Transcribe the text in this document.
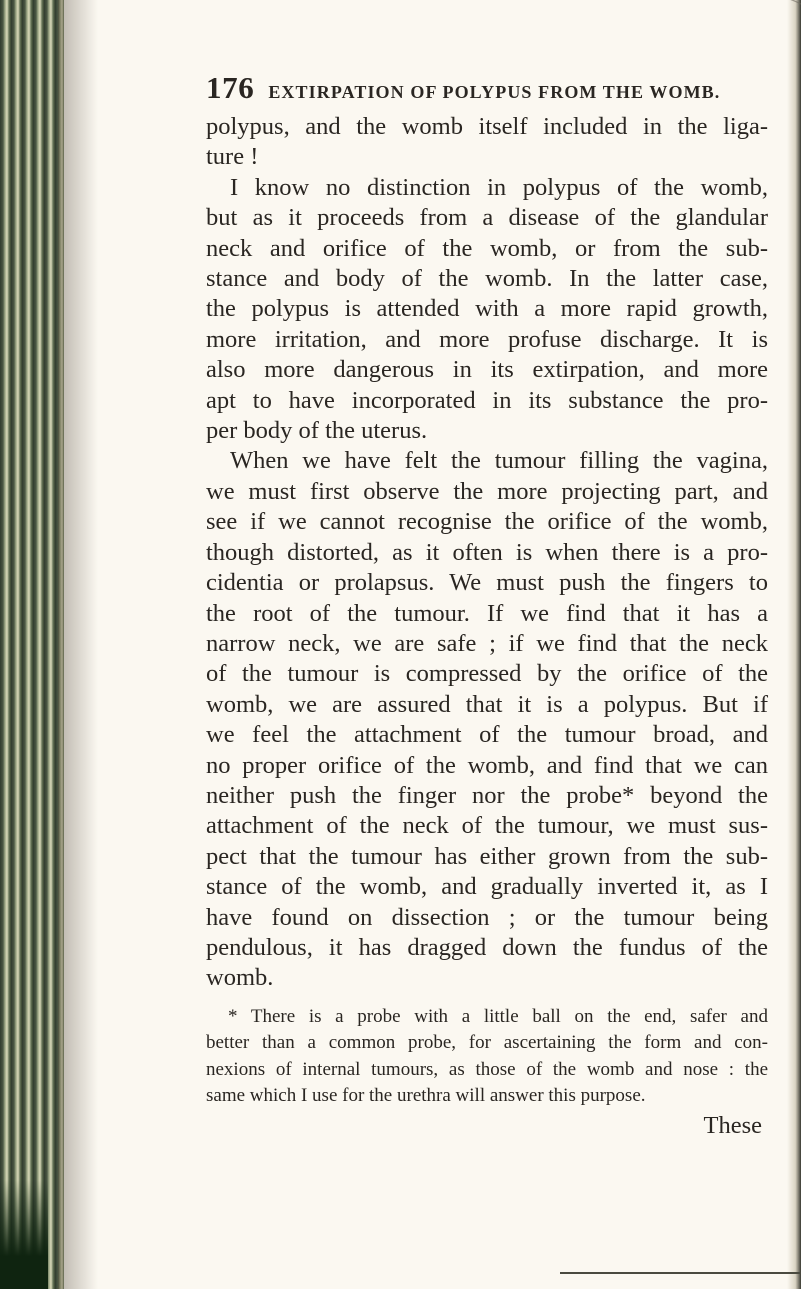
176 EXTIRPATION OF POLYPUS FROM THE WOMB.
polypus, and the womb itself included in the liga-
ture !
I know no distinction in polypus of the womb,
but as it proceeds from a disease of the glandular
neck and orifice of the womb, or from the sub-
stance and body of the womb. In the latter case,
the polypus is attended with a more rapid growth,
more irritation, and more profuse discharge. It is
also more dangerous in its extirpation, and more
apt to have incorporated in its substance the pro-
per body of the uterus.
When we have felt the tumour filling the vagina,
we must first observe the more projecting part, and
see if we cannot recognise the orifice of the womb,
though distorted, as it often is when there is a pro-
cidentia or prolapsus. We must push the fingers to
the root of the tumour. If we find that it has a
narrow neck, we are safe ; if we find that the neck
of the tumour is compressed by the orifice of the
womb, we are assured that it is a polypus. But if
we feel the attachment of the tumour broad, and
no proper orifice of the womb, and find that we can
neither push the finger nor the probe* beyond the
attachment of the neck of the tumour, we must sus-
pect that the tumour has either grown from the sub-
stance of the womb, and gradually inverted it, as I
have found on dissection ; or the tumour being
pendulous, it has dragged down the fundus of the
womb.
* There is a probe with a little ball on the end, safer and
better than a common probe, for ascertaining the form and con-
nexions of internal tumours, as those of the womb and nose : the
same which I use for the urethra will answer this purpose.
These
